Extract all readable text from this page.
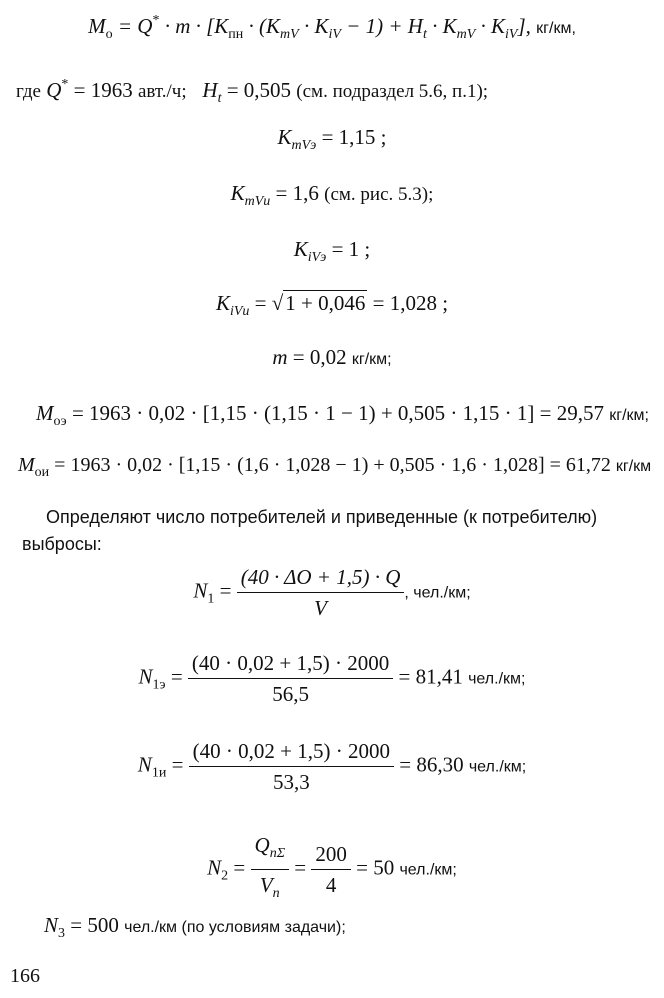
$M_o = Q^* \cdot m \cdot [K_{пн} \cdot (K_{mV} \cdot K_{iV} - 1) + H_t \cdot K_{mV} \cdot K_{iV}]$, кг/км,
где Q* = 1963 авт./ч; $H_t = 0,505$ (см. подраздел 5.6, п.1);
$K_{mVэ} = 1,15$ ;
$K_{mVи} = 1,6$ (см. рис. 5.3);
$K_{iVэ} = 1$ ;
$K_{iVи} = √1 + 0,046 = 1,028$ ;
m = 0,02 кг/км;
$M_{оэ} = 1963 \cdot 0,02 \cdot [1,15 \cdot (1,15 \cdot 1 - 1) + 0,505 \cdot 1,15 \cdot 1] = 29,57$ кг/км;
$M_{ои} = 1963 \cdot 0,02 \cdot [1,15 \cdot (1,6 \cdot 1,028 - 1) + 0,505 \cdot 1,6 \cdot 1,028] = 61,72$ кг/км
Определяют число потребителей и приведенные (к потребителю) выбросы:
$N_1 = \frac{(40 \cdot \Delta O + 1,5) \cdot Q}{V}$ , чел./км;
$N_{1э} = \frac{(40 \cdot 0,02 + 1,5) \cdot 2000}{56,5} = 81,41$ чел./км;
$N_{1и} = \frac{(40 \cdot 0,02 + 1,5) \cdot 2000}{53,3} = 86,30$ чел./км;
$N_2 = \frac{Q_{n\Sigma}}{V_n} = \frac{200}{4} = 50$ чел./км;
$N_3 = 500$ чел./км (по условиям задачи);
166
